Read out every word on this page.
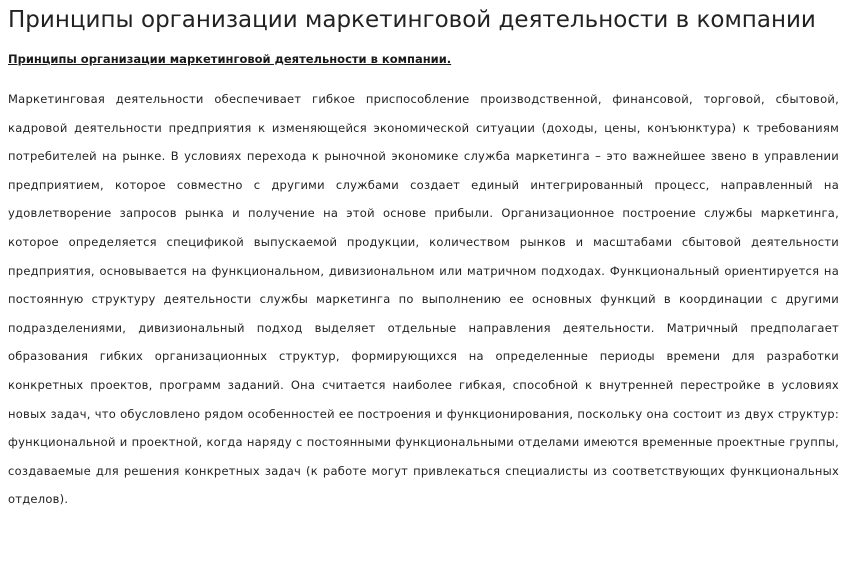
Принципы организации маркетинговой деятельности в компании

Принципы организации маркетинговой деятельности в компании.

Маркетинговая деятельности обеспечивает гибкое приспособление производственной, финансовой, торговой, сбытовой, кадровой деятельности предприятия к изменяющейся экономической ситуации (доходы, цены, конъюнктура) к требованиям потребителей на рынке. В условиях перехода к рыночной экономике служба маркетинга – это важнейшее звено в управлении предприятием, которое совместно с другими службами создает единый интегрированный процесс, направленный на удовлетворение запросов рынка и получение на этой основе прибыли. Организационное построение службы маркетинга, которое определяется спецификой выпускаемой продукции, количеством рынков и масштабами сбытовой деятельности предприятия, основывается на функциональном, дивизиональном или матричном подходах. Функциональный ориентируется на постоянную структуру деятельности службы маркетинга по выполнению ее основных функций в координации с другими подразделениями, дивизиональный подход выделяет отдельные направления деятельности. Матричный предполагает образования гибких организационных структур, формирующихся на определенные периоды времени для разработки конкретных проектов, программ заданий. Она считается наиболее гибкая, способной к внутренней перестройке в условиях новых задач, что обусловлено рядом особенностей ее построения и функционирования, поскольку она состоит из двух структур: функциональной и проектной, когда наряду с постоянными функциональными отделами имеются временные проектные группы, создаваемые для решения конкретных задач (к работе могут привлекаться специалисты из соответствующих функциональных отделов).
